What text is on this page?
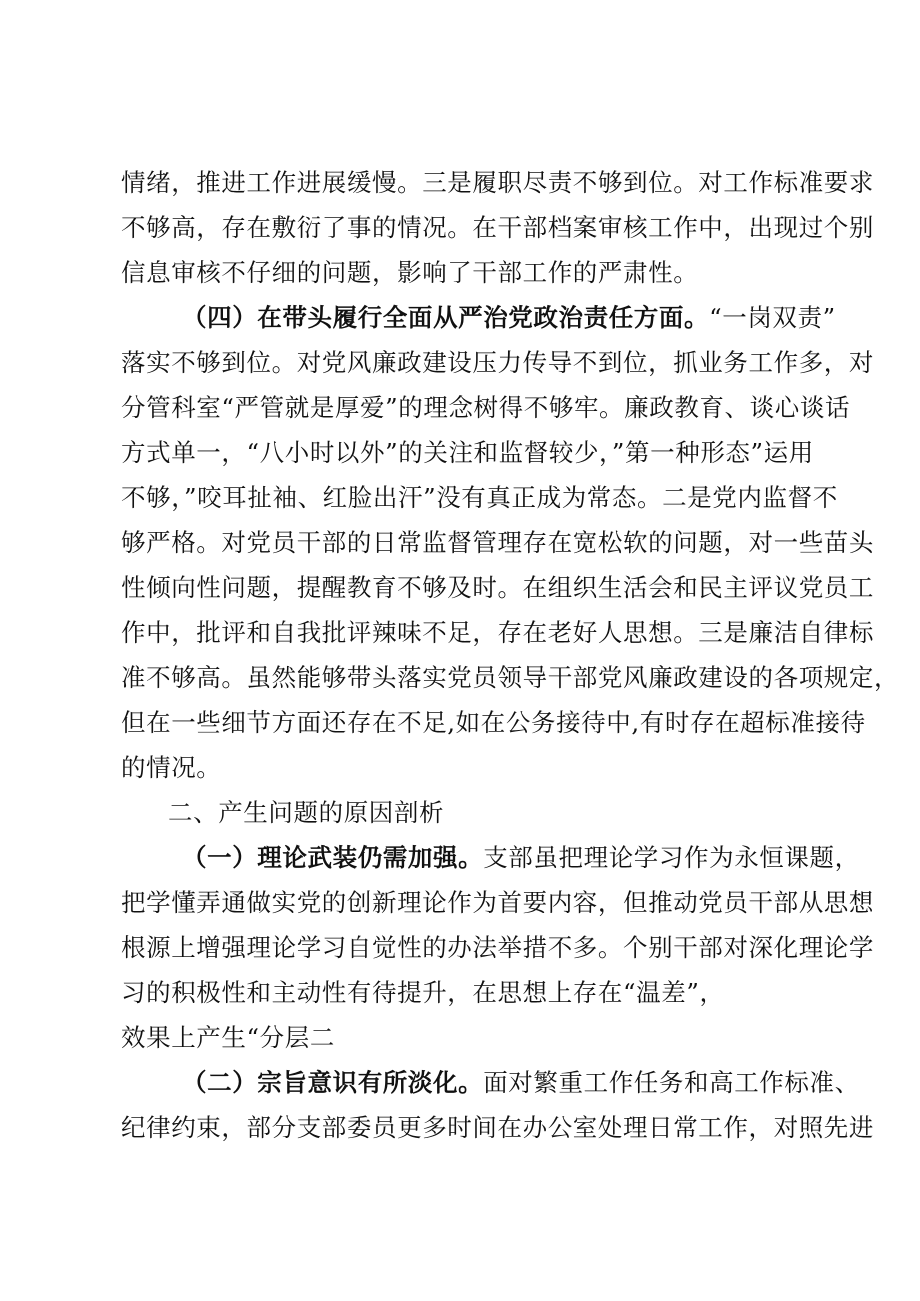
情绪，推进工作进展缓慢。三是履职尽责不够到位。对工作标准要求
不够高，存在敷衍了事的情况。在干部档案审核工作中，出现过个别
信息审核不仔细的问题，影响了干部工作的严肃性。
（四）在带头履行全面从严治党政治责任方面。“一岗双责”
落实不够到位。对党风廉政建设压力传导不到位，抓业务工作多，对
分管科室“严管就是厚爱”的理念树得不够牢。廉政教育、谈心谈话
方式单一，“八小时以外”的关注和监督较少，”第一种形态”运用
不够，”咬耳扯袖、红脸出汗”没有真正成为常态。二是党内监督不
够严格。对党员干部的日常监督管理存在宽松软的问题，对一些苗头
性倾向性问题，提醒教育不够及时。在组织生活会和民主评议党员工
作中，批评和自我批评辣味不足，存在老好人思想。三是廉洁自律标
准不够高。虽然能够带头落实党员领导干部党风廉政建设的各项规定，
但在一些细节方面还存在不足,如在公务接待中,有时存在超标准接待
的情况。
二、产生问题的原因剖析
（一）理论武装仍需加强。支部虽把理论学习作为永恒课题，
把学懂弄通做实党的创新理论作为首要内容，但推动党员干部从思想
根源上增强理论学习自觉性的办法举措不多。个别干部对深化理论学
习的积极性和主动性有待提升，在思想上存在“温差”，
效果上产生“分层二
（二）宗旨意识有所淡化。面对繁重工作任务和高工作标准、
纪律约束，部分支部委员更多时间在办公室处理日常工作，对照先进
